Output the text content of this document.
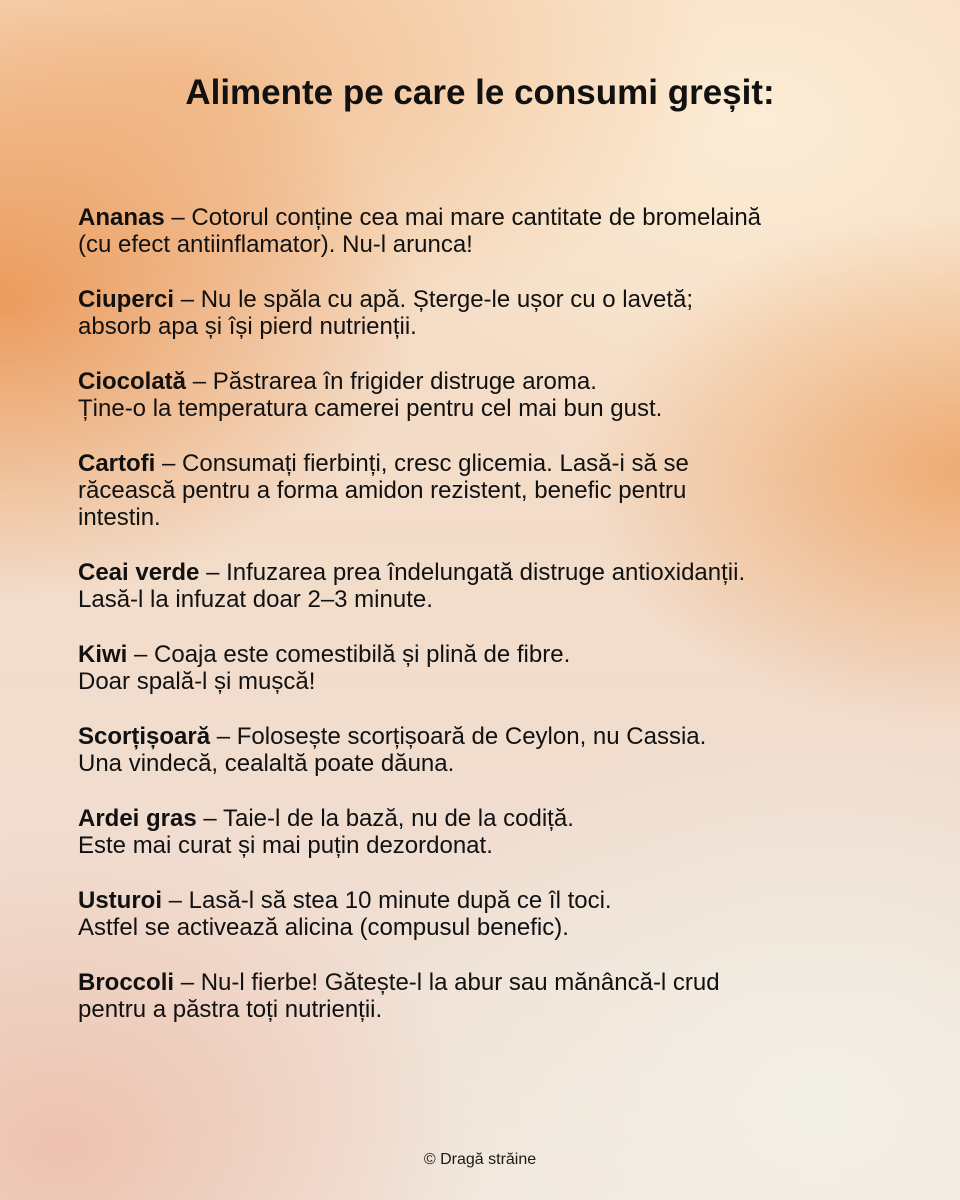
Alimente pe care le consumi greșit:
Ananas – Cotorul conține cea mai mare cantitate de bromelaină
(cu efect antiinflamator). Nu-l arunca!
Ciuperci – Nu le spăla cu apă. Șterge-le ușor cu o lavetă;
absorb apa și își pierd nutrienții.
Ciocolată – Păstrarea în frigider distruge aroma.
Ține-o la temperatura camerei pentru cel mai bun gust.
Cartofi – Consumați fierbinți, cresc glicemia. Lasă-i să se
răcească pentru a forma amidon rezistent, benefic pentru
intestin.
Ceai verde – Infuzarea prea îndelungată distruge antioxidanții.
Lasă-l la infuzat doar 2–3 minute.
Kiwi – Coaja este comestibilă și plină de fibre.
Doar spală-l și mușcă!
Scorțișoară – Folosește scorțișoară de Ceylon, nu Cassia.
Una vindecă, cealaltă poate dăuna.
Ardei gras – Taie-l de la bază, nu de la codiță.
Este mai curat și mai puțin dezordonat.
Usturoi – Lasă-l să stea 10 minute după ce îl toci.
Astfel se activează alicina (compusul benefic).
Broccoli – Nu-l fierbe! Gătește-l la abur sau mănâncă-l crud
pentru a păstra toți nutrienții.
© Dragă străine
